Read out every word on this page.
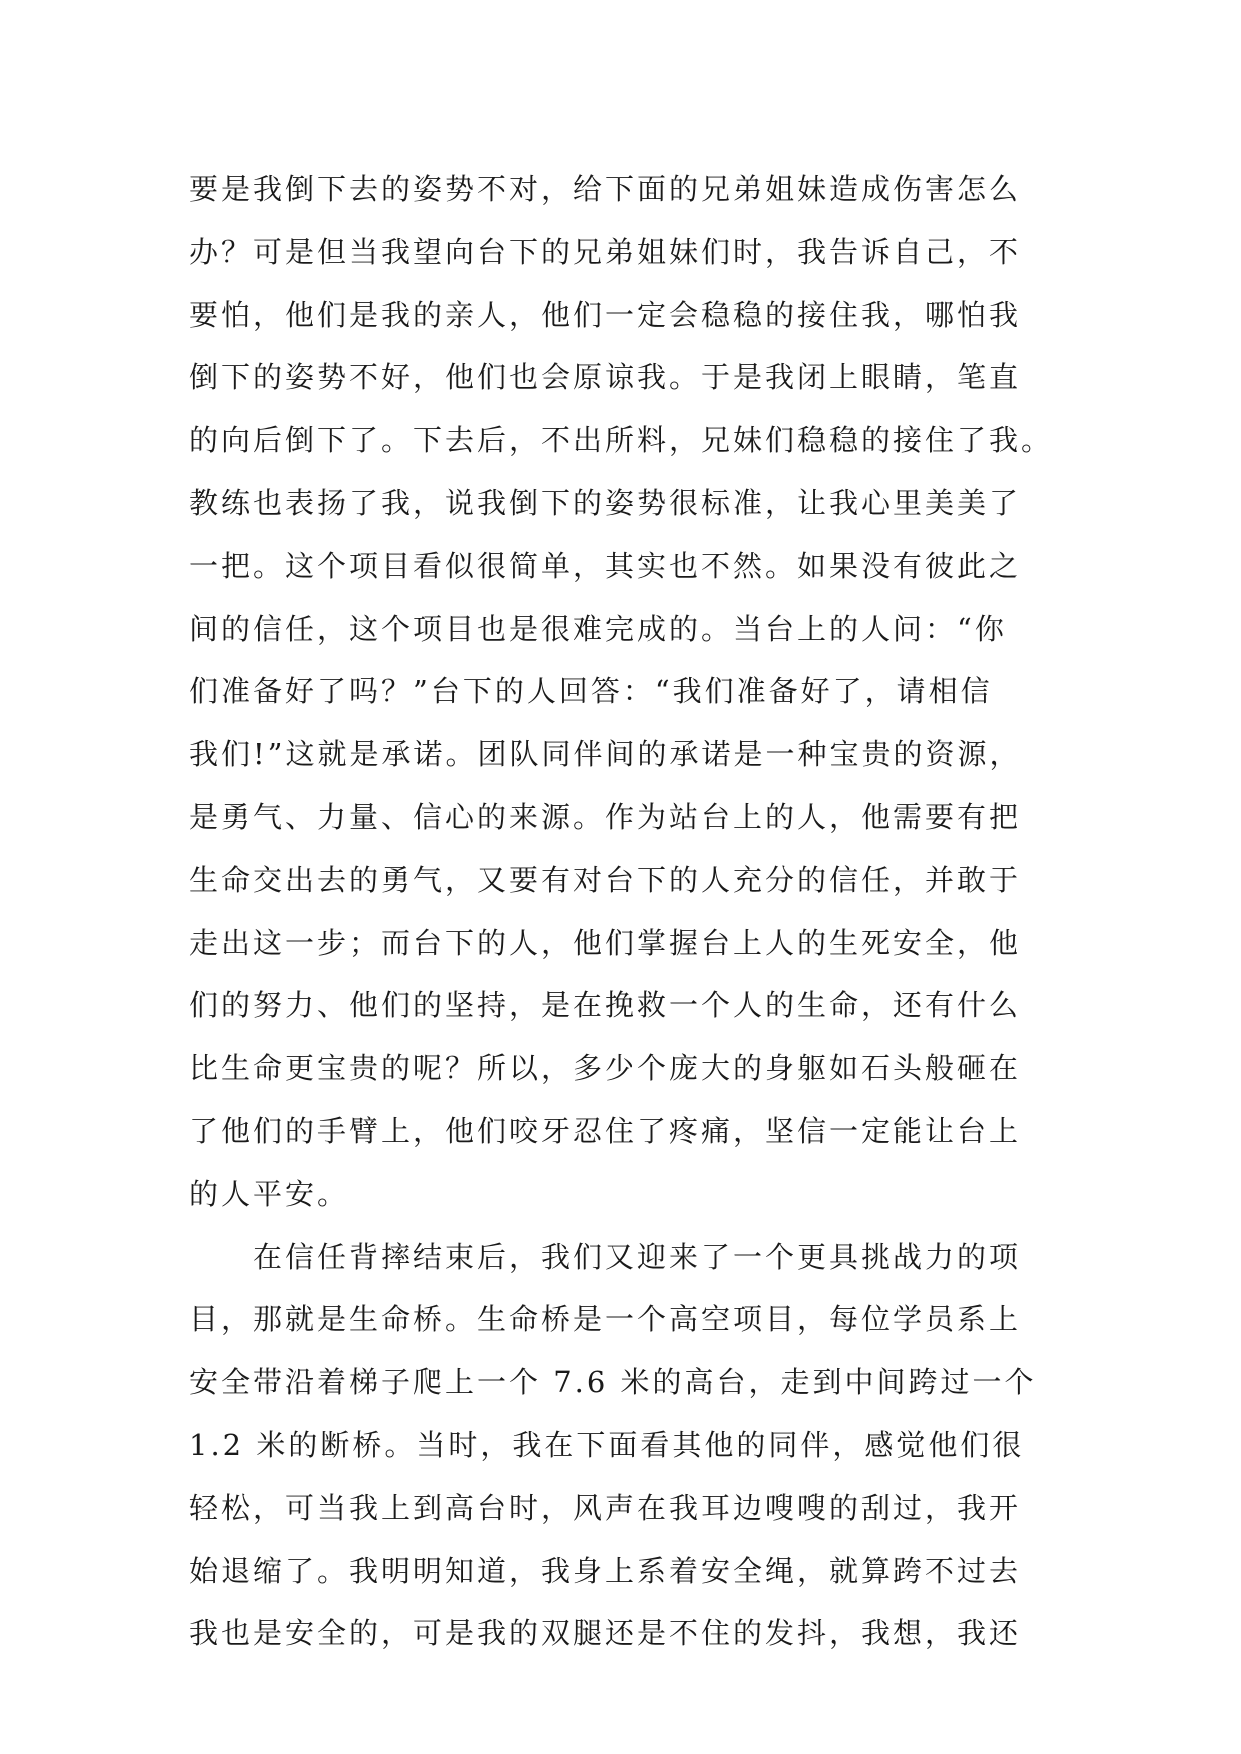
要是我倒下去的姿势不对，给下面的兄弟姐妹造成伤害怎么
办？可是但当我望向台下的兄弟姐妹们时，我告诉自己，不
要怕，他们是我的亲人，他们一定会稳稳的接住我，哪怕我
倒下的姿势不好，他们也会原谅我。于是我闭上眼睛，笔直
的向后倒下了。下去后，不出所料，兄妹们稳稳的接住了我。
教练也表扬了我，说我倒下的姿势很标准，让我心里美美了
一把。这个项目看似很简单，其实也不然。如果没有彼此之
间的信任，这个项目也是很难完成的。当台上的人问：“你
们准备好了吗？”台下的人回答：“我们准备好了，请相信
我们!”这就是承诺。团队同伴间的承诺是一种宝贵的资源，
是勇气、力量、信心的来源。作为站台上的人，他需要有把
生命交出去的勇气，又要有对台下的人充分的信任，并敢于
走出这一步；而台下的人，他们掌握台上人的生死安全，他
们的努力、他们的坚持，是在挽救一个人的生命，还有什么
比生命更宝贵的呢？所以，多少个庞大的身躯如石头般砸在
了他们的手臂上，他们咬牙忍住了疼痛，坚信一定能让台上
的人平安。
　　在信任背摔结束后，我们又迎来了一个更具挑战力的项
目，那就是生命桥。生命桥是一个高空项目，每位学员系上
安全带沿着梯子爬上一个 7.6 米的高台，走到中间跨过一个
1.2 米的断桥。当时，我在下面看其他的同伴，感觉他们很
轻松，可当我上到高台时，风声在我耳边嗖嗖的刮过，我开
始退缩了。我明明知道，我身上系着安全绳，就算跨不过去
我也是安全的，可是我的双腿还是不住的发抖，我想，我还
